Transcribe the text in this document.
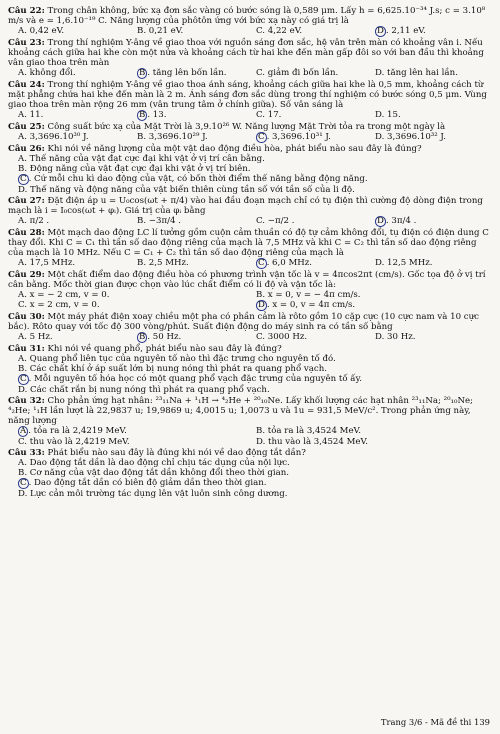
Câu 22: Trong chân không, bức xạ đơn sắc vàng có bước sóng là 0,589 μm. Lấy h = 6,625.10⁻³⁴ J.s; c = 3.10⁸ m/s và e = 1,6.10⁻¹⁹ C. Năng lượng của phôtôn ứng với bức xạ này có giá trị là
A. 0,42 eV.	B. 0,21 eV.	C. 4,22 eV.	D . 2,11 eV.
Câu 23: Trong thí nghiệm Y-âng về giao thoa với nguồn sáng đơn sắc, hệ vân trên màn có khoảng vân i. Nếu khoảng cách giữa hai khe còn một nửa và khoảng cách từ hai khe đến màn gấp đôi so với ban đầu thì khoảng vân giao thoa trên màn
A. không đổi.	B . tăng lên bốn lần.	C. giảm đi bốn lần.	D. tăng lên hai lần.
Câu 24: Trong thí nghiệm Y-âng về giao thoa ánh sáng, khoảng cách giữa hai khe là 0,5 mm, khoảng cách từ mặt phẳng chứa hai khe đến màn là 2 m. Ánh sáng đơn sắc dùng trong thí nghiệm có bước sóng 0,5 μm. Vùng giao thoa trên màn rộng 26 mm (vân trung tâm ở chính giữa). Số vân sáng là
A. 11.	B . 13.	C. 17.	D. 15.
Câu 25: Công suất bức xạ của Mặt Trời là 3,9.10²⁶ W. Năng lượng Mặt Trời tỏa ra trong một ngày là
A. 3,3696.10³⁰ J.	B. 3,3696.10²⁹ J.	C . 3,3696.10³¹ J.	D. 3,3696.10³² J.
Câu 26: Khi nói về năng lượng của một vật dao động điều hòa, phát biểu nào sau đây là đúng?
A. Thế năng của vật đạt cực đại khi vật ở vị trí cân bằng.
B. Động năng của vật đạt cực đại khi vật ở vị trí biên.
C . Cứ mỗi chu kì dao động của vật, có bốn thời điểm thế năng bằng động năng.
D. Thế năng và động năng của vật biến thiên cùng tần số với tần số của li độ.
Câu 27: Đặt điện áp u = U₀cos(ωt + π/4) vào hai đầu đoạn mạch chỉ có tụ điện thì cường độ dòng điện trong mạch là i = I₀cos(ωt + φᵢ). Giá trị của φᵢ bằng
A. π/2 .	B. −3π/4 .	C. −π/2 .	D . 3π/4 .
Câu 28: Một mạch dao động LC lí tưởng gồm cuộn cảm thuần có độ tự cảm không đổi, tụ điện có điện dung C thay đổi. Khi C = C₁ thì tần số dao động riêng của mạch là 7,5 MHz và khi C = C₂ thì tần số dao động riêng của mạch là 10 MHz. Nếu C = C₁ + C₂ thì tần số dao động riêng của mạch là
A. 17,5 MHz.	B. 2,5 MHz.	C . 6,0 MHz.	D. 12,5 MHz.
Câu 29: Một chất điểm dao động điều hòa có phương trình vận tốc là v = 4πcos2πt (cm/s). Gốc tọa độ ở vị trí cân bằng. Mốc thời gian được chọn vào lúc chất điểm có li độ và vận tốc là:
A. x = − 2 cm, v = 0.	B. x = 0, v = − 4π cm/s.
C. x = 2 cm, v = 0.	D . x = 0, v = 4π cm/s.
Câu 30: Một máy phát điện xoay chiều một pha có phần cảm là rôto gồm 10 cặp cực (10 cực nam và 10 cực bắc). Rôto quay với tốc độ 300 vòng/phút. Suất điện động do máy sinh ra có tần số bằng
A. 5 Hz.	B . 50 Hz.	C. 3000 Hz.	D. 30 Hz.
Câu 31: Khi nói về quang phổ, phát biểu nào sau đây là đúng?
A. Quang phổ liên tục của nguyên tố nào thì đặc trưng cho nguyên tố đó.
B. Các chất khí ở áp suất lớn bị nung nóng thì phát ra quang phổ vạch.
C . Mỗi nguyên tố hóa học có một quang phổ vạch đặc trưng của nguyên tố ấy.
D. Các chất rắn bị nung nóng thì phát ra quang phổ vạch.
Câu 32: Cho phản ứng hạt nhân: ²³₁₁Na + ¹₁H → ⁴₂He + ²⁰₁₀Ne. Lấy khối lượng các hạt nhân ²³₁₁Na; ²⁰₁₀Ne; ⁴₂He; ¹₁H lần lượt là 22,9837 u; 19,9869 u; 4,0015 u; 1,0073 u và 1u = 931,5 MeV/c². Trong phản ứng này, năng lượng
A . tỏa ra là 2,4219 MeV.	B. tỏa ra là 3,4524 MeV.
C. thu vào là 2,4219 MeV.	D. thu vào là 3,4524 MeV.
Câu 33: Phát biểu nào sau đây là đúng khi nói về dao động tắt dần?
A. Dao động tắt dần là dao động chỉ chịu tác dụng của nội lực.
B. Cơ năng của vật dao động tắt dần không đổi theo thời gian.
C . Dao động tắt dần có biên độ giảm dần theo thời gian.
D. Lực cản môi trường tác dụng lên vật luôn sinh công dương.
Trang 3/6 - Mã đề thi 139
